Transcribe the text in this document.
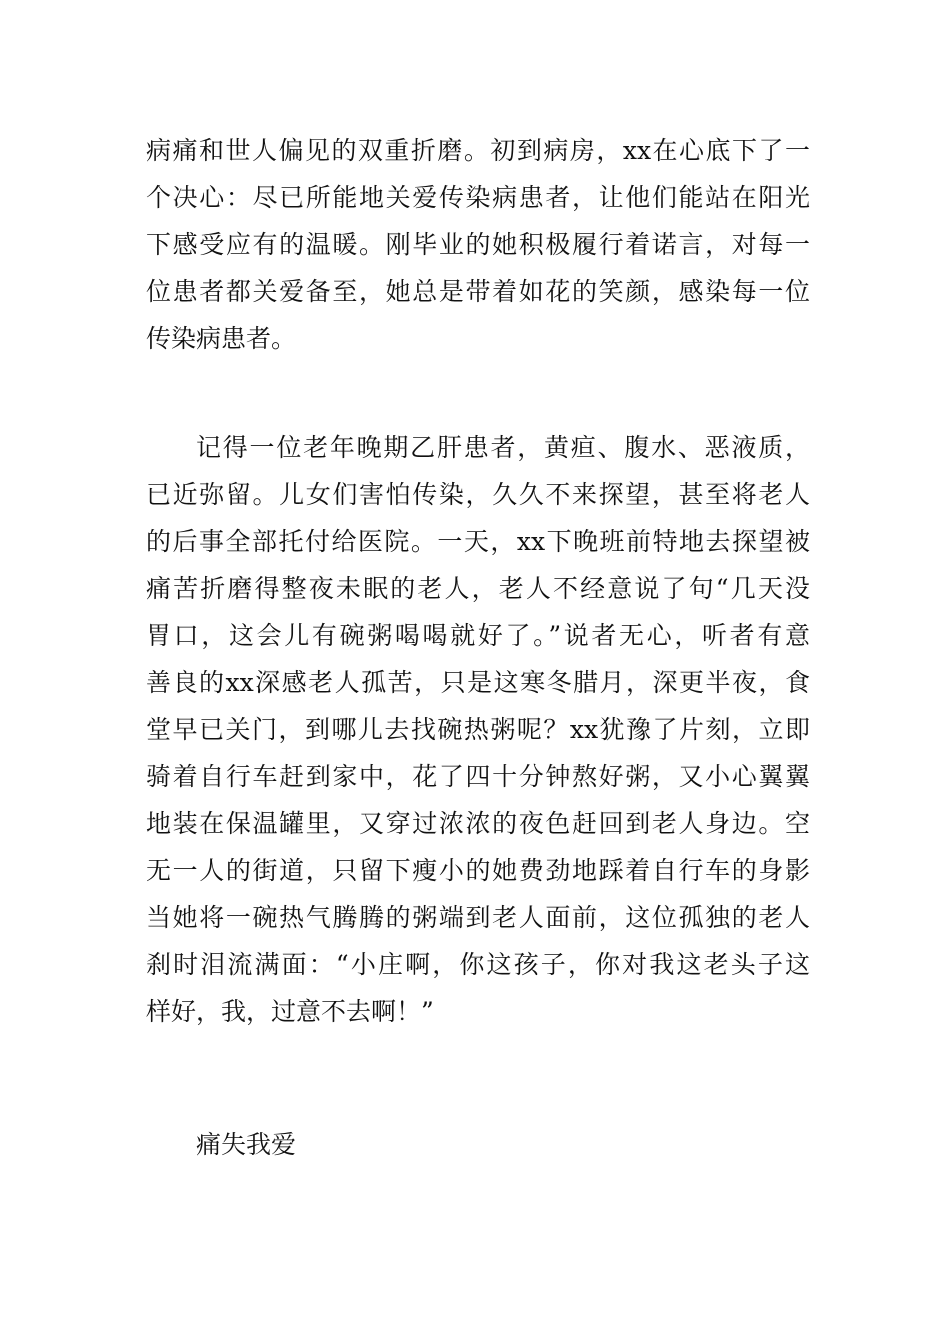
病痛和世人偏见的双重折磨。初到病房，xx在心底下了一
个决心：尽已所能地关爱传染病患者，让他们能站在阳光
下感受应有的温暖。刚毕业的她积极履行着诺言，对每一
位患者都关爱备至，她总是带着如花的笑颜，感染每一位
传染病患者。
记得一位老年晚期乙肝患者，黄疸、腹水、恶液质，
已近弥留。儿女们害怕传染，久久不来探望，甚至将老人
的后事全部托付给医院。一天，xx下晚班前特地去探望被
痛苦折磨得整夜未眠的老人，老人不经意说了句“几天没
胃口，这会儿有碗粥喝喝就好了。”说者无心，听者有意
善良的xx深感老人孤苦，只是这寒冬腊月，深更半夜，食
堂早已关门，到哪儿去找碗热粥呢？xx犹豫了片刻，立即
骑着自行车赶到家中，花了四十分钟熬好粥，又小心翼翼
地装在保温罐里，又穿过浓浓的夜色赶回到老人身边。空
无一人的街道，只留下瘦小的她费劲地踩着自行车的身影
当她将一碗热气腾腾的粥端到老人面前，这位孤独的老人
刹时泪流满面：“小庄啊，你这孩子，你对我这老头子这
样好，我，过意不去啊！”
痛失我爱
